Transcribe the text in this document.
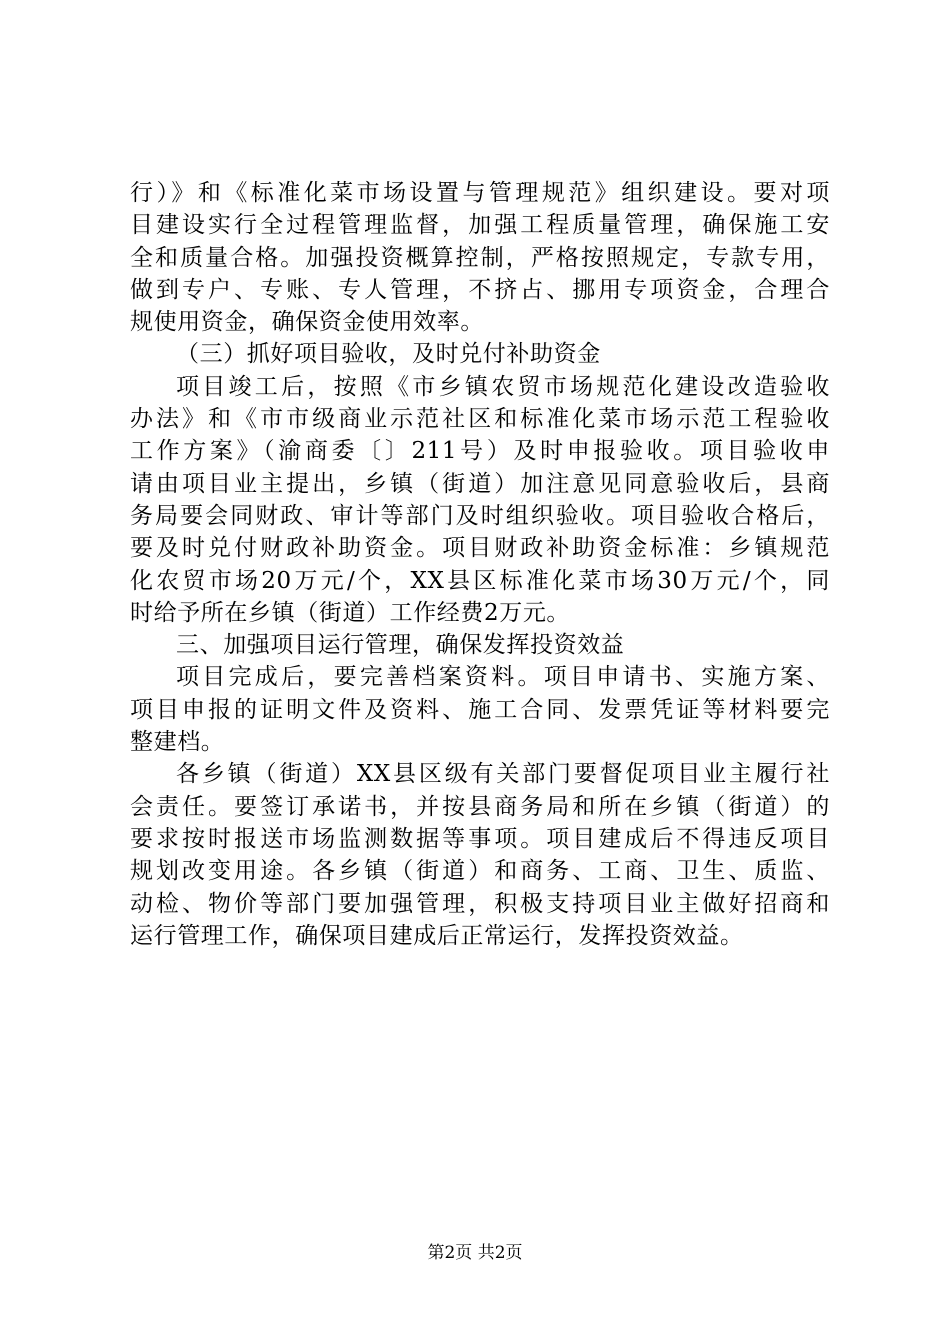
行）》和《标准化菜市场设置与管理规范》组织建设。要对项
目建设实行全过程管理监督，加强工程质量管理，确保施工安
全和质量合格。加强投资概算控制，严格按照规定，专款专用，
做到专户、专账、专人管理，不挤占、挪用专项资金，合理合
规使用资金，确保资金使用效率。
（三）抓好项目验收，及时兑付补助资金
项目竣工后，按照《市乡镇农贸市场规范化建设改造验收
办法》和《市市级商业示范社区和标准化菜市场示范工程验收
工作方案》（渝商委〔〕211号）及时申报验收。项目验收申
请由项目业主提出，乡镇（街道）加注意见同意验收后，县商
务局要会同财政、审计等部门及时组织验收。项目验收合格后，
要及时兑付财政补助资金。项目财政补助资金标准：乡镇规范
化农贸市场20万元/个，XX县区标准化菜市场30万元/个，同
时给予所在乡镇（街道）工作经费2万元。
三、加强项目运行管理，确保发挥投资效益
项目完成后，要完善档案资料。项目申请书、实施方案、
项目申报的证明文件及资料、施工合同、发票凭证等材料要完
整建档。
各乡镇（街道）XX县区级有关部门要督促项目业主履行社
会责任。要签订承诺书，并按县商务局和所在乡镇（街道）的
要求按时报送市场监测数据等事项。项目建成后不得违反项目
规划改变用途。各乡镇（街道）和商务、工商、卫生、质监、
动检、物价等部门要加强管理，积极支持项目业主做好招商和
运行管理工作，确保项目建成后正常运行，发挥投资效益。
第2页 共2页
